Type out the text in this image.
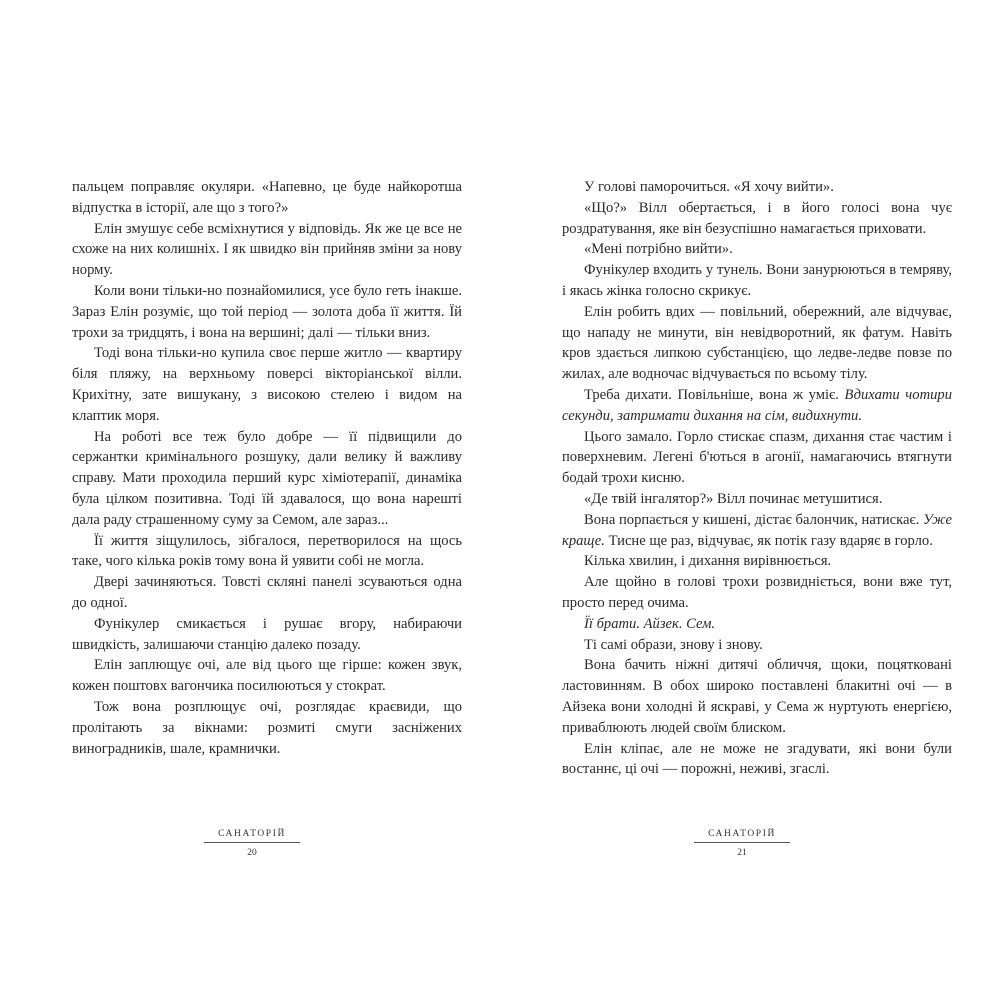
пальцем поправляє окуляри. «Напевно, це буде найкоротша відпустка в історії, але що з того?»

Елін змушує себе всміхнутися у відповідь. Як же це все не схоже на них колишніх. І як швидко він прийняв зміни за нову норму.

Коли вони тільки-но познайомилися, усе було геть інакше. Зараз Елін розуміє, що той період — золота доба її життя. Їй трохи за тридцять, і вона на вершині; далі — тільки вниз.

Тоді вона тільки-но купила своє перше житло — квартиру біля пляжу, на верхньому поверсі вікторіанської вілли. Крихітну, зате вишукану, з високою стелею і видом на клаптик моря.

На роботі все теж було добре — її підвищили до сержантки кримінального розшуку, дали велику й важливу справу. Мати проходила перший курс хіміотерапії, динаміка була цілком позитивна. Тоді їй здавалося, що вона нарешті дала раду страшенному суму за Семом, але зараз...

Її життя зіщулилось, зібгалося, перетворилося на щось таке, чого кілька років тому вона й уявити собі не могла.

Двері зачиняються. Товсті скляні панелі зсуваються одна до одної.

Фунікулер смикається і рушає вгору, набираючи швидкість, залишаючи станцію далеко позаду.

Елін заплющує очі, але від цього ще гірше: кожен звук, кожен поштовх вагончика посилюються у стократ.

Тож вона розплющує очі, розглядає краєвиди, що пролітають за вікнами: розмиті смуги засніжених виноградників, шале, крамнички.

САНАТОРІЙ
20

У голові паморочиться. «Я хочу вийти».

«Що?» Вілл обертається, і в його голосі вона чує роздратування, яке він безуспішно намагається приховати.

«Мені потрібно вийти».

Фунікулер входить у тунель. Вони занурюються в темряву, і якась жінка голосно скрикує.

Елін робить вдих — повільний, обережний, але відчуває, що нападу не минути, він невідворотний, як фатум. Навіть кров здається липкою субстанцією, що ледве-ледве повзе по жилах, але водночас відчувається по всьому тілу.

Треба дихати. Повільніше, вона ж уміє. Вдихати чотири секунди, затримати дихання на сім, видихнути.

Цього замало. Горло стискає спазм, дихання стає частим і поверхневим. Легені б'ються в агонії, намагаючись втягнути бодай трохи кисню.

«Де твій інгалятор?» Вілл починає метушитися.

Вона порпається у кишені, дістає балончик, натискає. Уже краще. Тисне ще раз, відчуває, як потік газу вдаряє в горло.

Кілька хвилин, і дихання вирівнюється.

Але щойно в голові трохи розвидніється, вони вже тут, просто перед очима.

Її брати. Айзек. Сем.

Ті самі образи, знову і знову.

Вона бачить ніжні дитячі обличчя, щоки, поцятковані ластовинням. В обох широко поставлені блакитні очі — в Айзека вони холодні й яскраві, у Сема ж нуртують енергією, приваблюють людей своїм блиском.

Елін кліпає, але не може не згадувати, які вони були востаннє, ці очі — порожні, неживі, згаслі.

САНАТОРІЙ
21
